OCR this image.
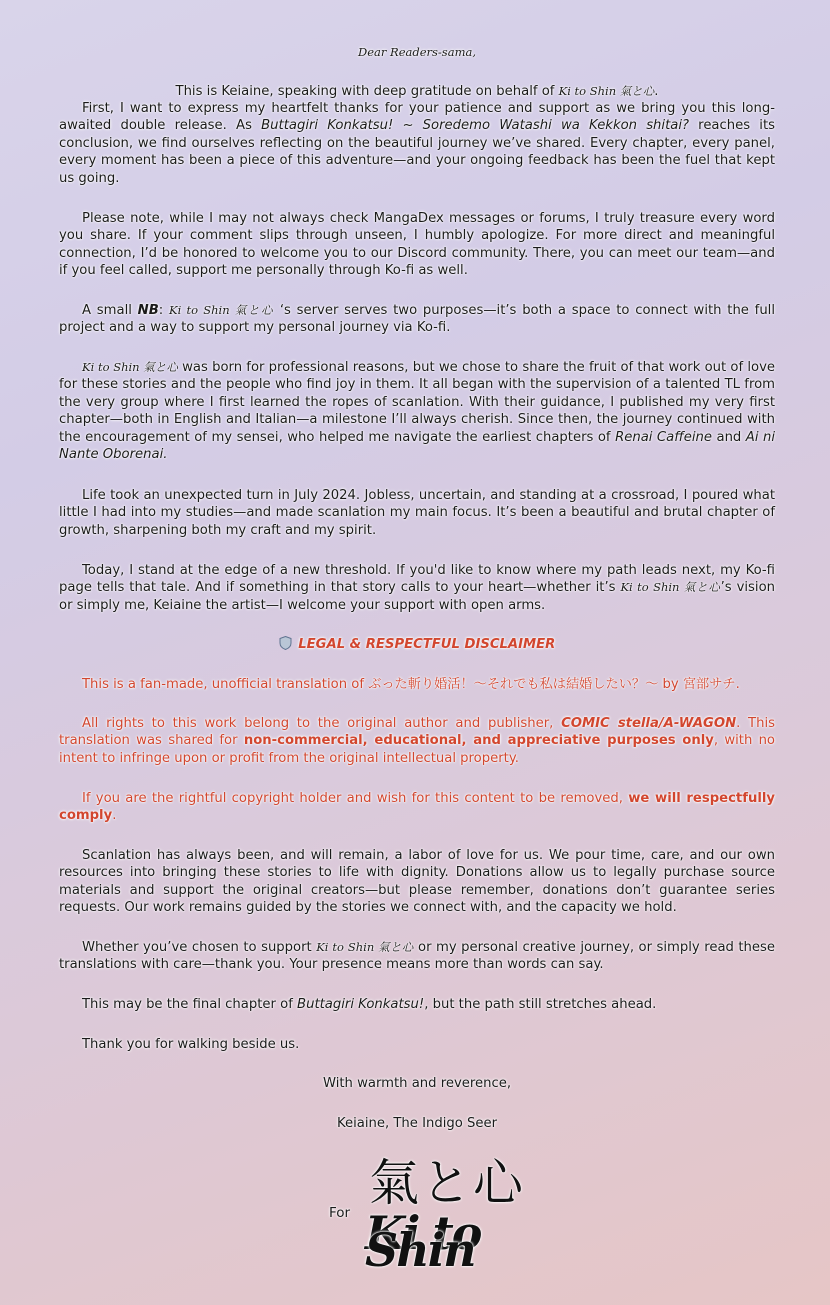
Dear Readers-sama,
This is Keiaine, speaking with deep gratitude on behalf of Ki to Shin 氣と心.

First, I want to express my heartfelt thanks for your patience and support as we bring you this long-awaited double release. As Buttagiri Konkatsu! ~ Soredemo Watashi wa Kekkon shitai? reaches its conclusion, we find ourselves reflecting on the beautiful journey we’ve shared. Every chapter, every panel, every moment has been a piece of this adventure—and your ongoing feedback has been the fuel that kept us going.

Please note, while I may not always check MangaDex messages or forums, I truly treasure every word you share. If your comment slips through unseen, I humbly apologize. For more direct and meaningful connection, I’d be honored to welcome you to our Discord community. There, you can meet our team—and if you feel called, support me personally through Ko-fi as well.

A small NB: Ki to Shin 氣と心 ‘s server serves two purposes—it’s both a space to connect with the full project and a way to support my personal journey via Ko-fi.

Ki to Shin 氣と心 was born for professional reasons, but we chose to share the fruit of that work out of love for these stories and the people who find joy in them. It all began with the supervision of a talented TL from the very group where I first learned the ropes of scanlation. With their guidance, I published my very first chapter—both in English and Italian—a milestone I’ll always cherish. Since then, the journey continued with the encouragement of my sensei, who helped me navigate the earliest chapters of Renai Caffeine and Ai ni Nante Oborenai.

Life took an unexpected turn in July 2024. Jobless, uncertain, and standing at a crossroad, I poured what little I had into my studies—and made scanlation my main focus. It’s been a beautiful and brutal chapter of growth, sharpening both my craft and my spirit.

Today, I stand at the edge of a new threshold. If you'd like to know where my path leads next, my Ko-fi page tells that tale. And if something in that story calls to your heart—whether it’s Ki to Shin 氣と心’s vision or simply me, Keiaine the artist—I welcome your support with open arms.

LEGAL & RESPECTFUL DISCLAIMER

This is a fan-made, unofficial translation of ぶった斬り婚活！〜それでも私は結婚したい？〜 by 宮部サチ.

All rights to this work belong to the original author and publisher, COMIC stella/A-WAGON. This translation was shared for non-commercial, educational, and appreciative purposes only, with no intent to infringe upon or profit from the original intellectual property.

If you are the rightful copyright holder and wish for this content to be removed, we will respectfully comply.

Scanlation has always been, and will remain, a labor of love for us. We pour time, care, and our own resources into bringing these stories to life with dignity. Donations allow us to legally purchase source materials and support the original creators—but please remember, donations don’t guarantee series requests. Our work remains guided by the stories we connect with, and the capacity we hold.

Whether you’ve chosen to support Ki to Shin 氣と心 or my personal creative journey, or simply read these translations with care—thank you. Your presence means more than words can say.

This may be the final chapter of Buttagiri Konkatsu!, but the path still stretches ahead.

Thank you for walking beside us.

With warmth and reverence,
Keiaine, The Indigo Seer
For
氣と心
Ki to Shin
